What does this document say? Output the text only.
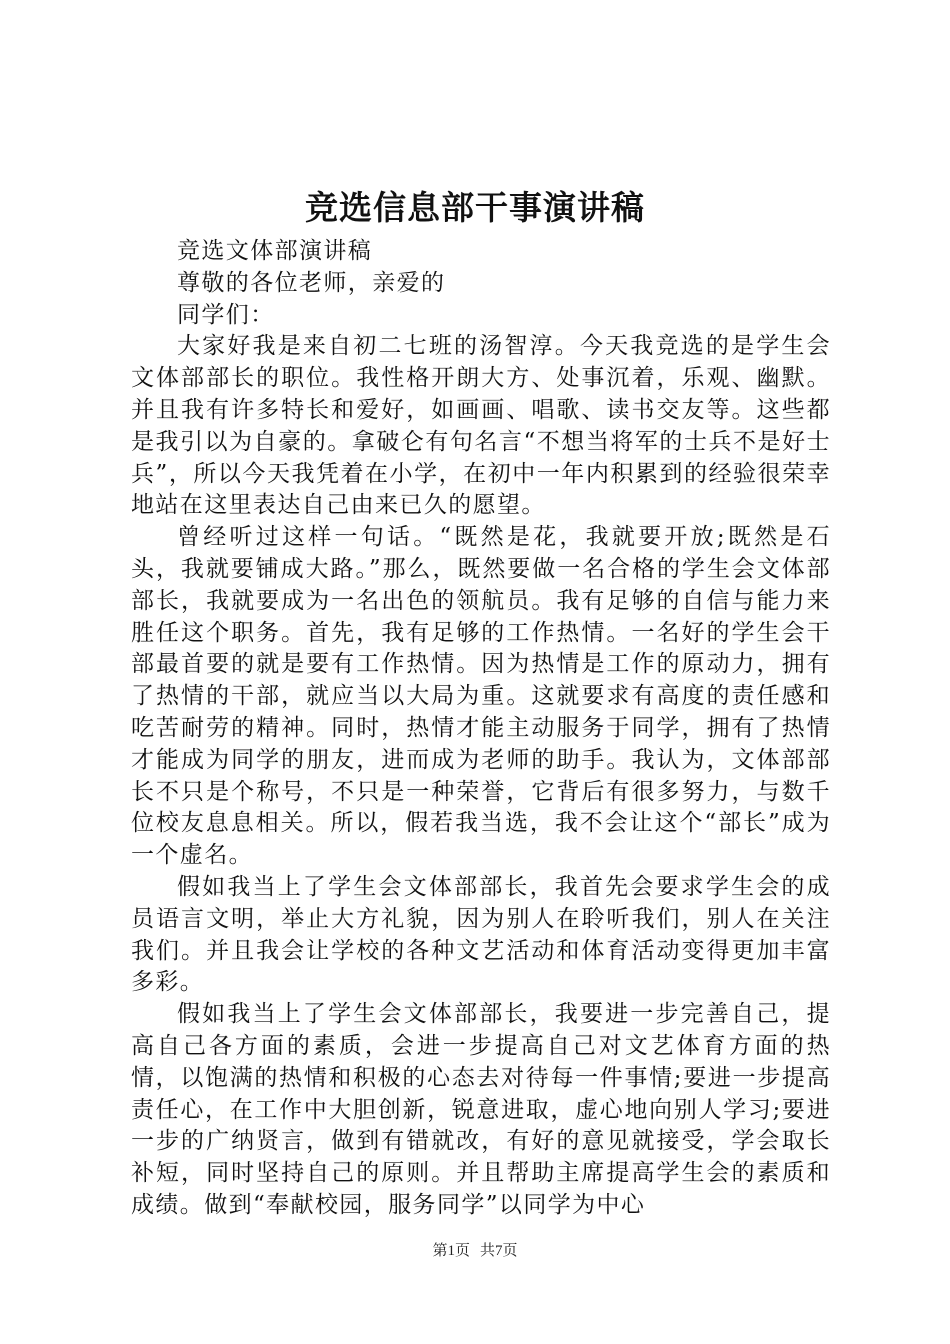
竞选信息部干事演讲稿

竞选文体部演讲稿

尊敬的各位老师，亲爱的

同学们：

大家好我是来自初二七班的汤智淳。今天我竞选的是学生会文体部部长的职位。我性格开朗大方、处事沉着，乐观、幽默。并且我有许多特长和爱好，如画画、唱歌、读书交友等。这些都是我引以为自豪的。拿破仑有句名言“不想当将军的士兵不是好士兵”，所以今天我凭着在小学，在初中一年内积累到的经验很荣幸地站在这里表达自己由来已久的愿望。

曾经听过这样一句话。“既然是花，我就要开放;既然是石头，我就要铺成大路。”那么，既然要做一名合格的学生会文体部部长，我就要成为一名出色的领航员。我有足够的自信与能力来胜任这个职务。首先，我有足够的工作热情。一名好的学生会干部最首要的就是要有工作热情。因为热情是工作的原动力，拥有了热情的干部，就应当以大局为重。这就要求有高度的责任感和吃苦耐劳的精神。同时，热情才能主动服务于同学，拥有了热情才能成为同学的朋友，进而成为老师的助手。我认为，文体部部长不只是个称号，不只是一种荣誉，它背后有很多努力，与数千位校友息息相关。所以，假若我当选，我不会让这个“部长”成为一个虚名。

假如我当上了学生会文体部部长，我首先会要求学生会的成员语言文明，举止大方礼貌，因为别人在聆听我们，别人在关注我们。并且我会让学校的各种文艺活动和体育活动变得更加丰富多彩。

假如我当上了学生会文体部部长，我要进一步完善自己，提高自己各方面的素质，会进一步提高自己对文艺体育方面的热情，以饱满的热情和积极的心态去对待每一件事情;要进一步提高责任心，在工作中大胆创新，锐意进取，虚心地向别人学习;要进一步的广纳贤言，做到有错就改，有好的意见就接受，学会取长补短，同时坚持自己的原则。并且帮助主席提高学生会的素质和成绩。做到“奉献校园，服务同学”以同学为中心

第1页 共7页
